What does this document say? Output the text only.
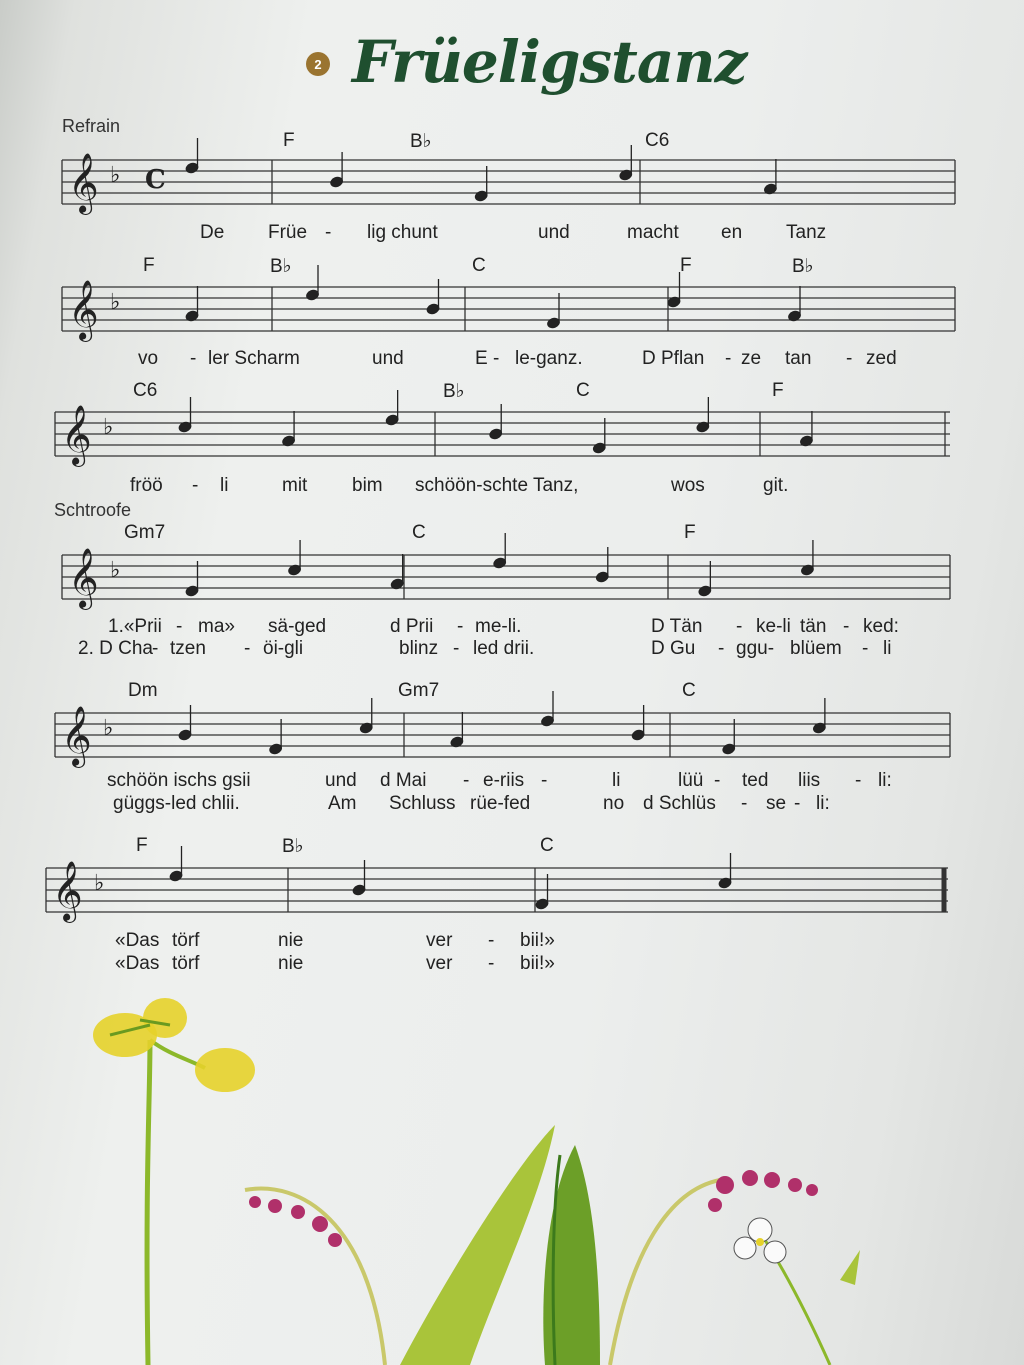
2 Früeligstanz
Refrain
Schtroofe
𝄞 ♭
𝄞 ♭
𝄞 ♭
𝄞 ♭
𝄞 ♭
𝄞 ♭
C
F	B♭	C6
F	B♭	C	F	B♭
C6	B♭	C	F
Gm7	C	F
Dm	Gm7	C
F	B♭	C
De Früe - lig chunt	und	macht en Tanz
vo - ler Scharm	und	E - le-ganz.	D Pflan - ze tan - zed
fröö - li	mit bim schöön-schte Tanz,	wos	git.
1.«Prii - ma» sä-ged	d Prii - me-li.	D Tän - ke-li tän - ked:
2. D Cha - tzen - öi-gli	blinz - led drii.	D Gu - ggu- blüem - li
schöön ischs gsii	und d Mai - e-riis -	li	lüü - ted liis - li:
güggs-led chlii.	Am Schluss rüe-fed	no d Schlüs - se - li:
«Das törf	nie	ver - bii!»
«Das törf	nie	ver - bii!»
